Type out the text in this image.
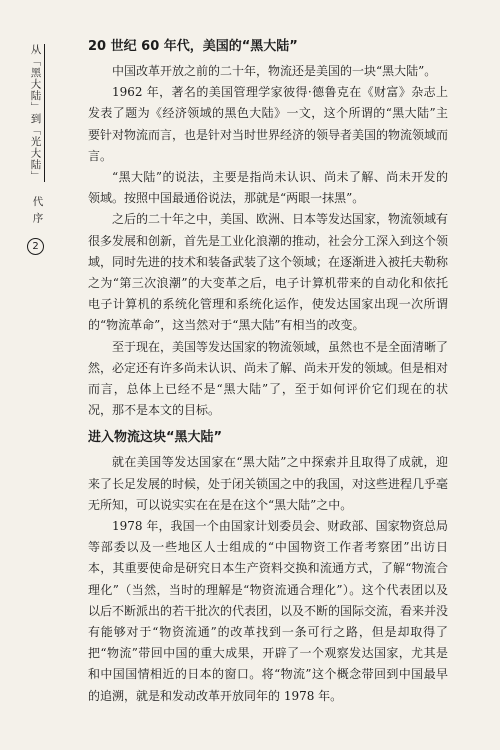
从「黑大陆」到「光大陆」
代序
2
20 世纪 60 年代，美国的“黑大陆”

中国改革开放之前的二十年，物流还是美国的一块“黑大陆”。

1962 年，著名的美国管理学家彼得·德鲁克在《财富》杂志上发表了题为《经济领域的黑色大陆》一文，这个所谓的“黑大陆”主要针对物流而言，也是针对当时世界经济的领导者美国的物流领域而言。

“黑大陆”的说法，主要是指尚未认识、尚未了解、尚未开发的领域。按照中国最通俗说法，那就是“两眼一抹黑”。

之后的二十年之中，美国、欧洲、日本等发达国家，物流领域有很多发展和创新，首先是工业化浪潮的推动，社会分工深入到这个领域，同时先进的技术和装备武装了这个领域；在逐渐进入被托夫勒称之为“第三次浪潮”的大变革之后，电子计算机带来的自动化和依托电子计算机的系统化管理和系统化运作，使发达国家出现一次所谓的“物流革命”，这当然对于“黑大陆”有相当的改变。

至于现在，美国等发达国家的物流领域，虽然也不是全面清晰了然，必定还有许多尚未认识、尚未了解、尚未开发的领域。但是相对而言，总体上已经不是“黑大陆”了，至于如何评价它们现在的状况，那不是本文的目标。

进入物流这块“黑大陆”

就在美国等发达国家在“黑大陆”之中探索并且取得了成就，迎来了长足发展的时候，处于闭关锁国之中的我国，对这些进程几乎毫无所知，可以说实实在在是在这个“黑大陆”之中。

1978 年，我国一个由国家计划委员会、财政部、国家物资总局等部委以及一些地区人士组成的“中国物资工作者考察团”出访日本，其重要使命是研究日本生产资料交换和流通方式，了解“物流合理化”（当然，当时的理解是“物资流通合理化”）。这个代表团以及以后不断派出的若干批次的代表团，以及不断的国际交流，看来并没有能够对于“物资流通”的改革找到一条可行之路，但是却取得了把“物流”带回中国的重大成果，开辟了一个观察发达国家，尤其是和中国国情相近的日本的窗口。将“物流”这个概念带回到中国最早的追溯，就是和发动改革开放同年的 1978 年。
